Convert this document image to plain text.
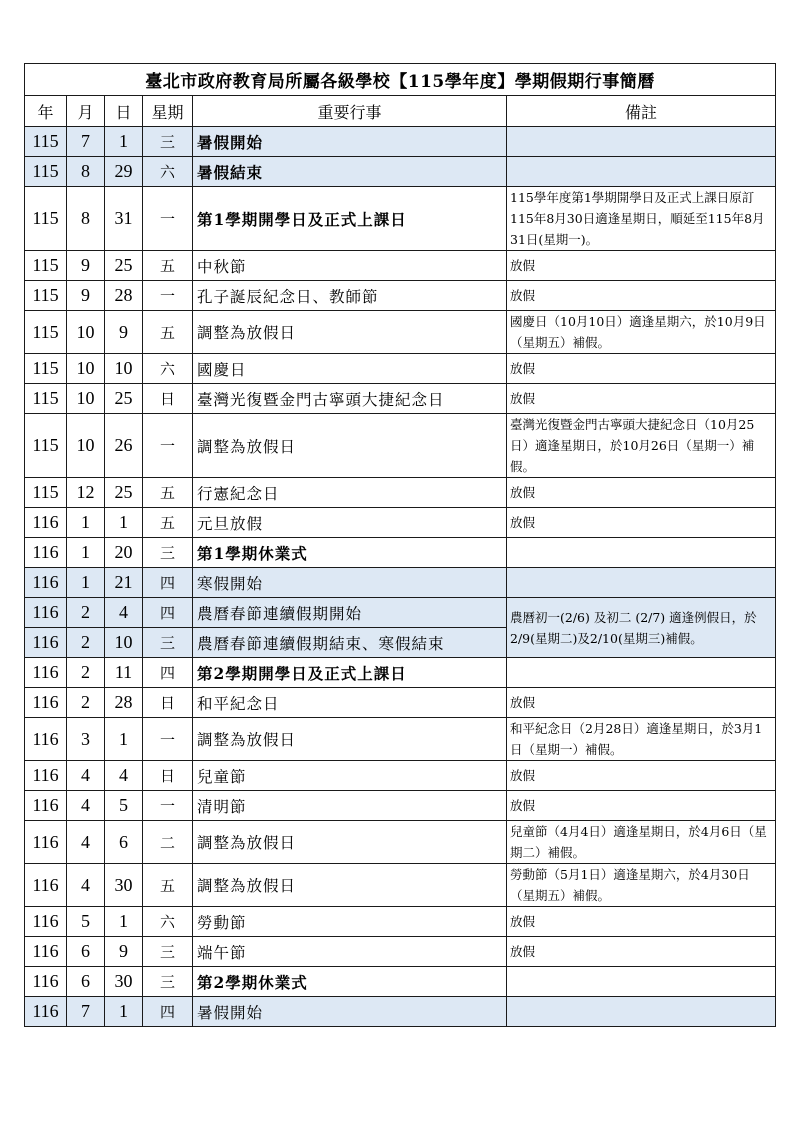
臺北市政府教育局所屬各級學校【115學年度】學期假期行事簡曆					
年	月	日	星期	重要行事	備註
115	7	1	三	暑假開始	
115	8	29	六	暑假結束	
115	8	31	一	第1學期開學日及正式上課日	115學年度第1學期開學日及正式上課日原訂115年8月30日適逢星期日，順延至115年8月31日(星期一)。
115	9	25	五	中秋節	放假
115	9	28	一	孔子誕辰紀念日、教師節	放假
115	10	9	五	調整為放假日	國慶日（10月10日）適逢星期六，於10月9日（星期五）補假。
115	10	10	六	國慶日	放假
115	10	25	日	臺灣光復暨金門古寧頭大捷紀念日	放假
115	10	26	一	調整為放假日	臺灣光復暨金門古寧頭大捷紀念日（10月25日）適逢星期日，於10月26日（星期一）補假。
115	12	25	五	行憲紀念日	放假
116	1	1	五	元旦放假	放假
116	1	20	三	第1學期休業式	
116	1	21	四	寒假開始	
116	2	4	四	農曆春節連續假期開始	農曆初一(2/6) 及初二 (2/7) 適逢例假日，於2/9(星期二)及2/10(星期三)補假。
116	2	10	三	農曆春節連續假期結束、寒假結束	
116	2	11	四	第2學期開學日及正式上課日	
116	2	28	日	和平紀念日	放假
116	3	1	一	調整為放假日	和平紀念日（2月28日）適逢星期日，於3月1日（星期一）補假。
116	4	4	日	兒童節	放假
116	4	5	一	清明節	放假
116	4	6	二	調整為放假日	兒童節（4月4日）適逢星期日，於4月6日（星期二）補假。
116	4	30	五	調整為放假日	勞動節（5月1日）適逢星期六，於4月30日（星期五）補假。
116	5	1	六	勞動節	放假
116	6	9	三	端午節	放假
116	6	30	三	第2學期休業式	
116	7	1	四	暑假開始	
